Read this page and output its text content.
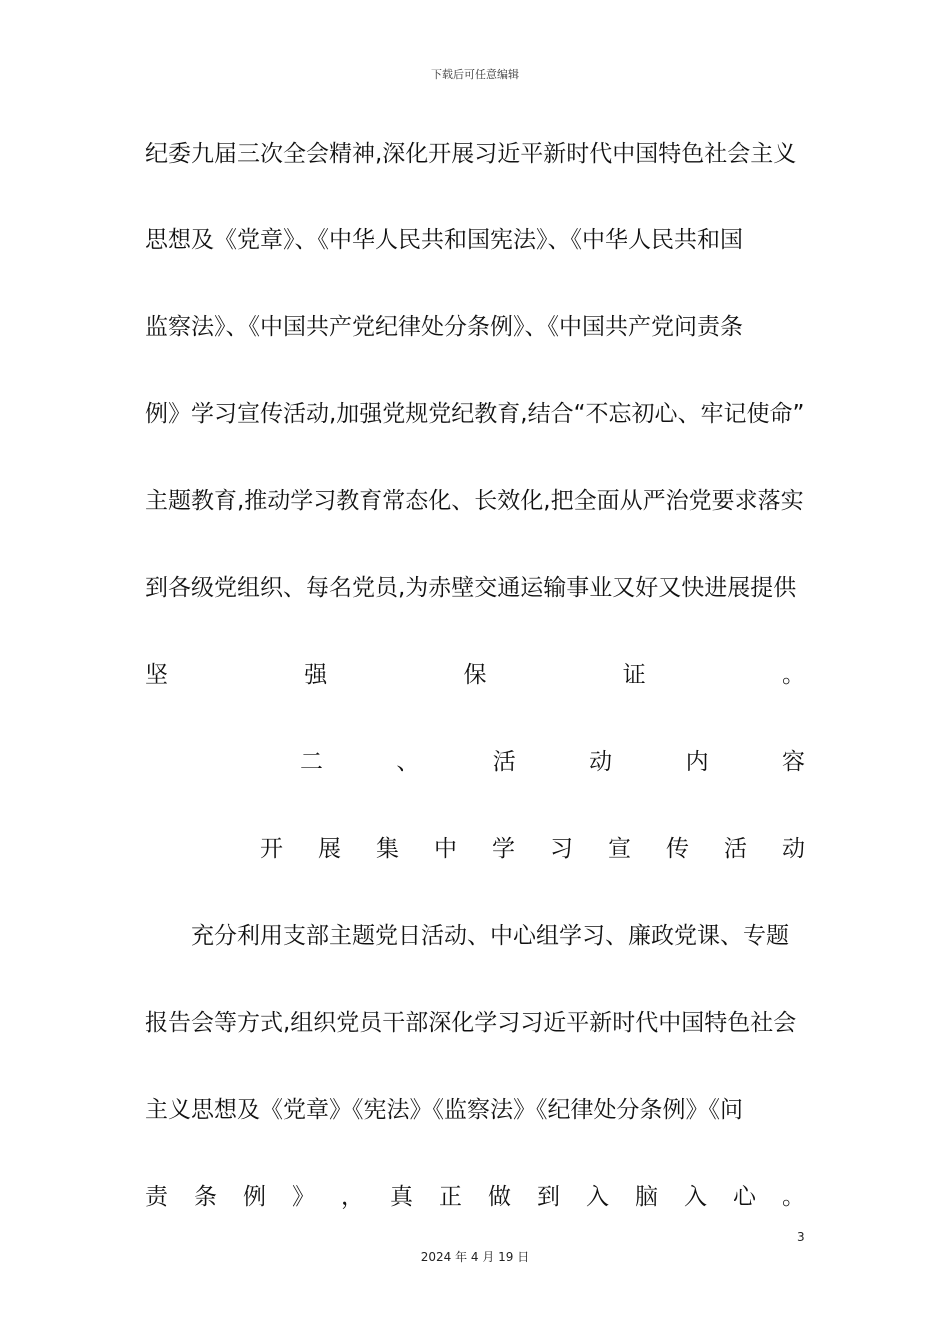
下载后可任意编辑
纪委九届三次全会精神,深化开展习近平新时代中国特色社会主义
思想及《党章》、《中华人民共和国宪法》、《中华人民共和国
监察法》、《中国共产党纪律处分条例》、《中国共产党问责条
例》学习宣传活动,加强党规党纪教育,结合“不忘初心、牢记使命”
主题教育,推动学习教育常态化、长效化,把全面从严治党要求落实
到各级党组织、每名党员,为赤壁交通运输事业又好又快进展提供
坚	强	保	证	。
二	、	活	动	内	容
开 展 集 中 学 习 宣 传 活 动
充分利用支部主题党日活动、中心组学习、廉政党课、专题
报告会等方式,组织党员干部深化学习习近平新时代中国特色社会
主义思想及《党章》《宪法》《监察法》《纪律处分条例》《问
责 条 例 》 ， 真 正 做 到 入 脑 入 心 。
3
2024 年 4 月 19 日
